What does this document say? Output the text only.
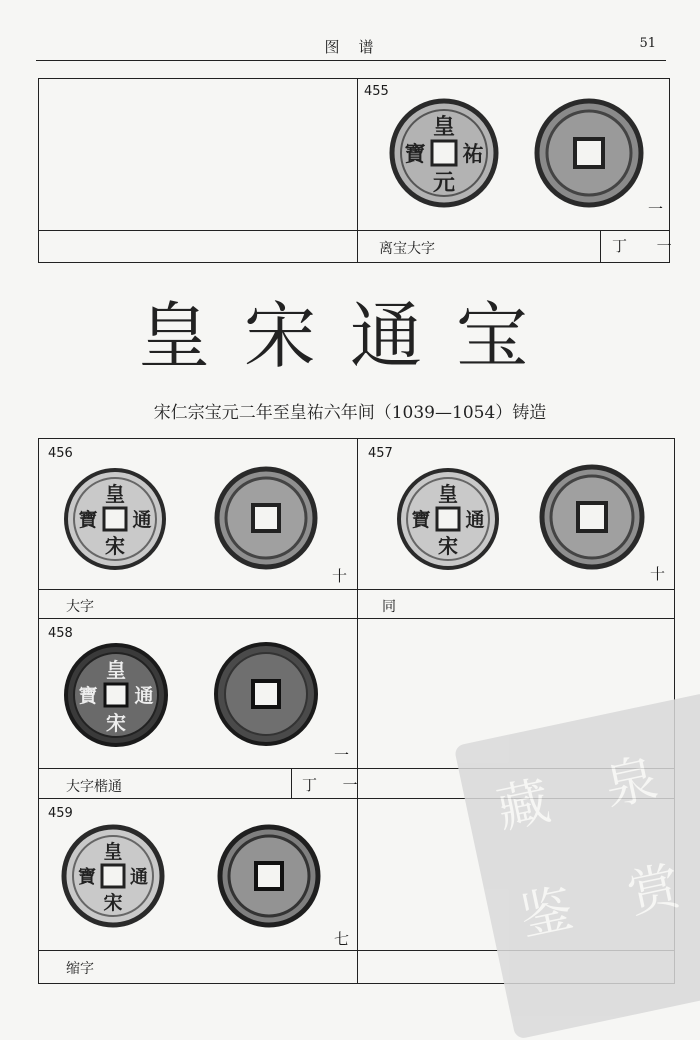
图　谱	51
455
皇
元
寶 祐
一
离宝大字	丁 一
皇宋通宝
宋仁宗宝元二年至皇祐六年间（1039—1054）铸造
456
皇
宋
寶 通
十
大字
457
皇
宋
寶 通
十
同
458
皇
宋
寶 通
一
大字楷通	丁 一
459
皇
宋
寶 通
七
缩字
藏 泉
鉴 赏
